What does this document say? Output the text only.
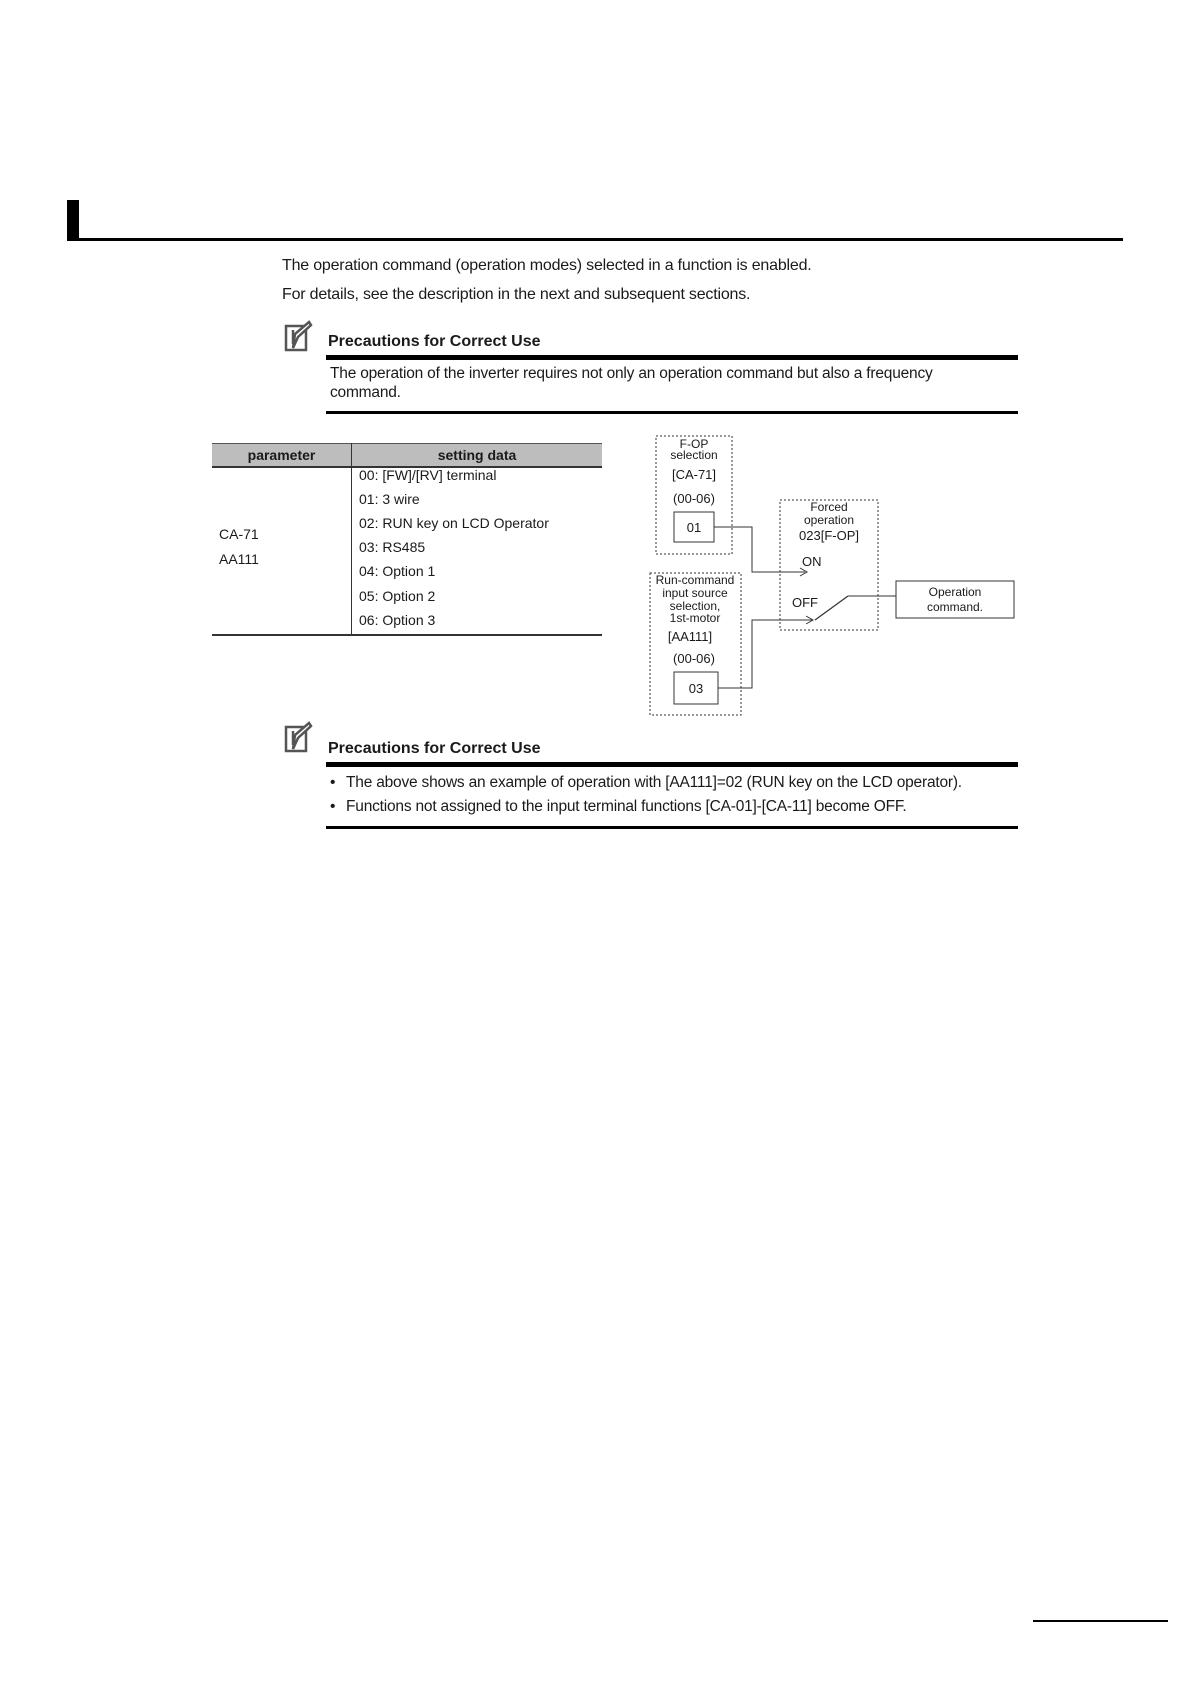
The operation command (operation modes) selected in a function is enabled.
For details, see the description in the next and subsequent sections.
Precautions for Correct Use
The operation of the inverter requires not only an operation command but also a frequency
command.
parameter	setting data
CA-71
AA111
00: [FW]/[RV] terminal
01: 3 wire
02: RUN key on LCD Operator
03: RS485
04: Option 1
05: Option 2
06: Option 3
F-OP
selection
[CA-71]
(00-06)
01
Run-command
input source
selection,
1st-motor
[AA111]
(00-06)
03
Forced
operation
023[F-OP]
ON
OFF
Operation
command.
Precautions for Correct Use
• The above shows an example of operation with [AA111]=02 (RUN key on the LCD operator).
• Functions not assigned to the input terminal functions [CA-01]-[CA-11] become OFF.
